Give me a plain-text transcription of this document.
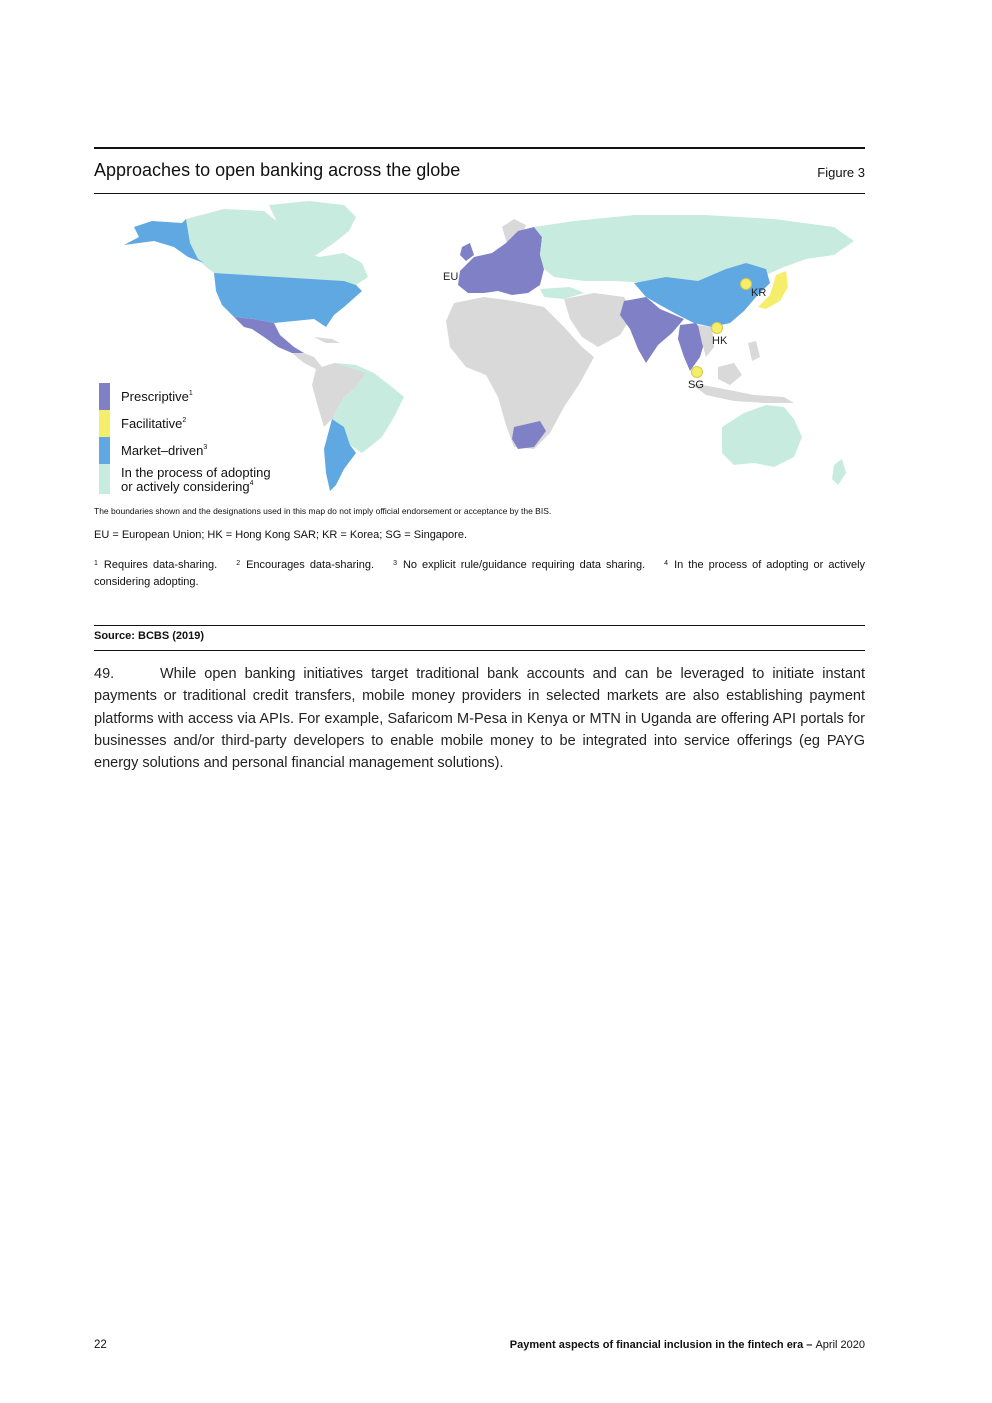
Approaches to open banking across the globe	Figure 3
EU
KR
HK
SG
Prescriptive$^1$
Facilitative$^2$
Market–driven$^3$
In the process of adopting
or actively considering$^4$
The boundaries shown and the designations used in this map do not imply official endorsement or acceptance by the BIS.
EU = European Union; HK = Hong Kong SAR; KR = Korea; SG = Singapore.
$^1$ Requires data-sharing.	$^2$ Encourages data-sharing.	$^3$ No explicit rule/guidance requiring data sharing.	$^4$ In the process of adopting or actively considering adopting.
Source: BCBS (2019)
49.	While open banking initiatives target traditional bank accounts and can be leveraged to initiate instant payments or traditional credit transfers, mobile money providers in selected markets are also establishing payment platforms with access via APIs. For example, Safaricom M-Pesa in Kenya or MTN in Uganda are offering API portals for businesses and/or third-party developers to enable mobile money to be integrated into service offerings (eg PAYG energy solutions and personal financial management solutions).
22	Payment aspects of financial inclusion in the fintech era – April 2020
